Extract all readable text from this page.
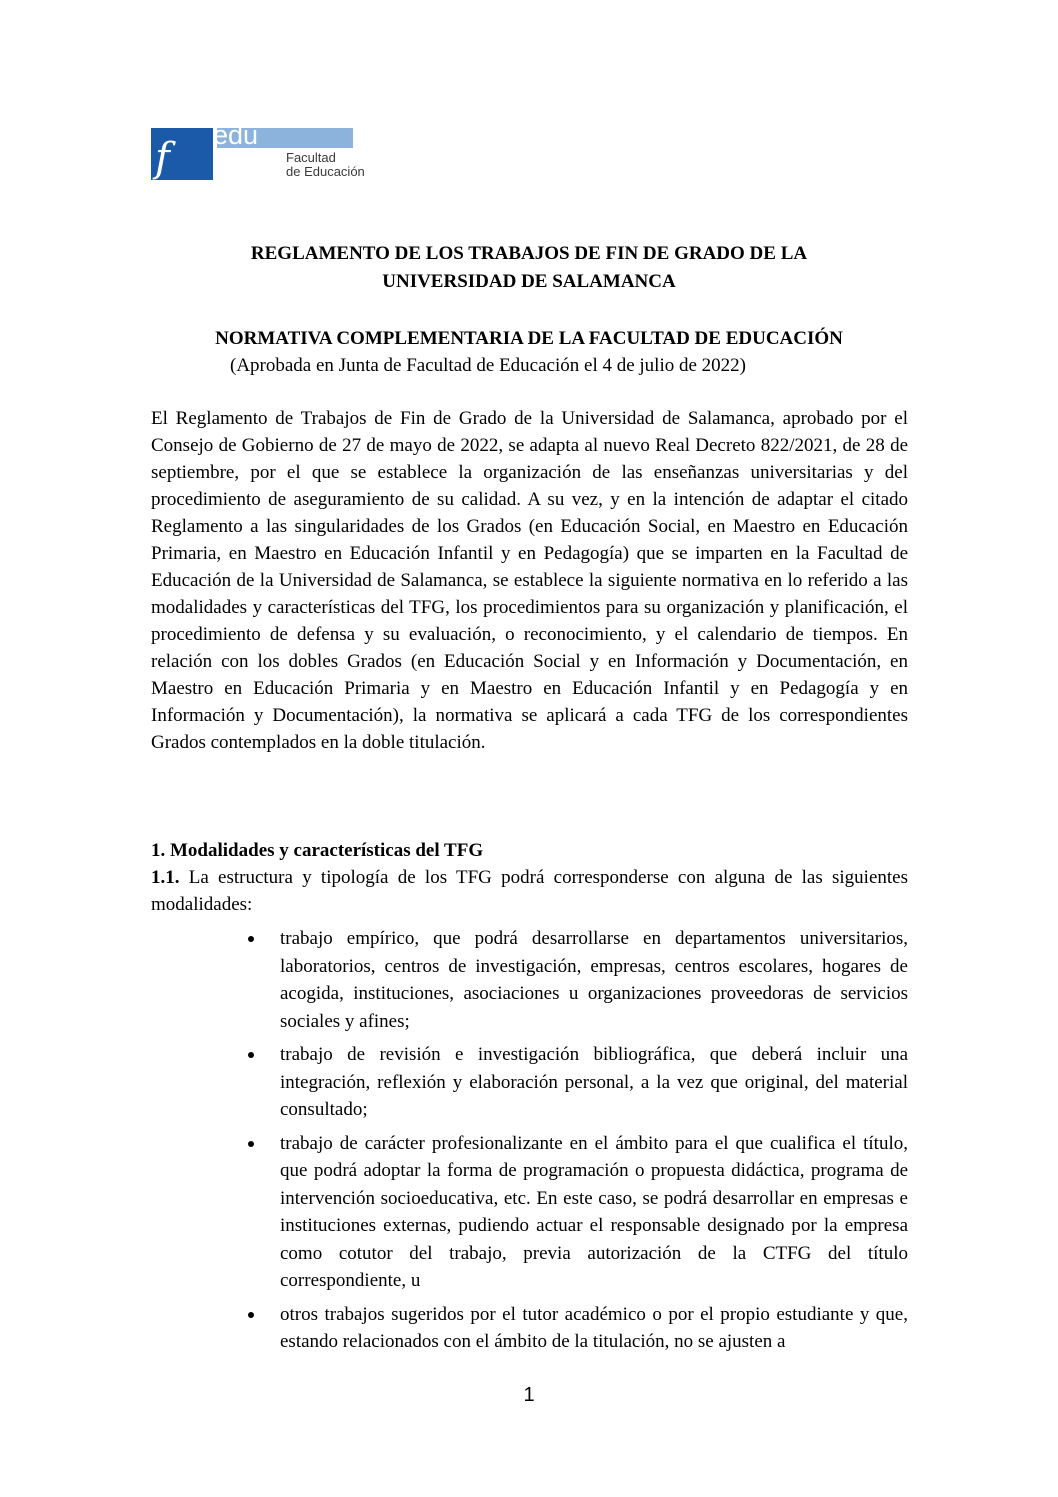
f edu
Facultad
de Educación
REGLAMENTO DE LOS TRABAJOS DE FIN DE GRADO DE LA
UNIVERSIDAD DE SALAMANCA
NORMATIVA COMPLEMENTARIA DE LA FACULTAD DE EDUCACIÓN
(Aprobada en Junta de Facultad de Educación el 4 de julio de 2022)

El Reglamento de Trabajos de Fin de Grado de la Universidad de Salamanca, aprobado por el Consejo de Gobierno de 27 de mayo de 2022, se adapta al nuevo Real Decreto 822/2021, de 28 de septiembre, por el que se establece la organización de las enseñanzas universitarias y del procedimiento de aseguramiento de su calidad. A su vez, y en la intención de adaptar el citado Reglamento a las singularidades de los Grados (en Educación Social, en Maestro en Educación Primaria, en Maestro en Educación Infantil y en Pedagogía) que se imparten en la Facultad de Educación de la Universidad de Salamanca, se establece la siguiente normativa en lo referido a las modalidades y características del TFG, los procedimientos para su organización y planificación, el procedimiento de defensa y su evaluación, o reconocimiento, y el calendario de tiempos. En relación con los dobles Grados (en Educación Social y en Información y Documentación, en Maestro en Educación Primaria y en Maestro en Educación Infantil y en Pedagogía y en Información y Documentación), la normativa se aplicará a cada TFG de los correspondientes Grados contemplados en la doble titulación.

1. Modalidades y características del TFG

1.1. La estructura y tipología de los TFG podrá corresponderse con alguna de las siguientes modalidades:

trabajo empírico, que podrá desarrollarse en departamentos universitarios, laboratorios, centros de investigación, empresas, centros escolares, hogares de acogida, instituciones, asociaciones u organizaciones proveedoras de servicios sociales y afines;
trabajo de revisión e investigación bibliográfica, que deberá incluir una integración, reflexión y elaboración personal, a la vez que original, del material consultado;
trabajo de carácter profesionalizante en el ámbito para el que cualifica el título, que podrá adoptar la forma de programación o propuesta didáctica, programa de intervención socioeducativa, etc. En este caso, se podrá desarrollar en empresas e instituciones externas, pudiendo actuar el responsable designado por la empresa como cotutor del trabajo, previa autorización de la CTFG del título correspondiente, u
otros trabajos sugeridos por el tutor académico o por el propio estudiante y que, estando relacionados con el ámbito de la titulación, no se ajusten a
1
